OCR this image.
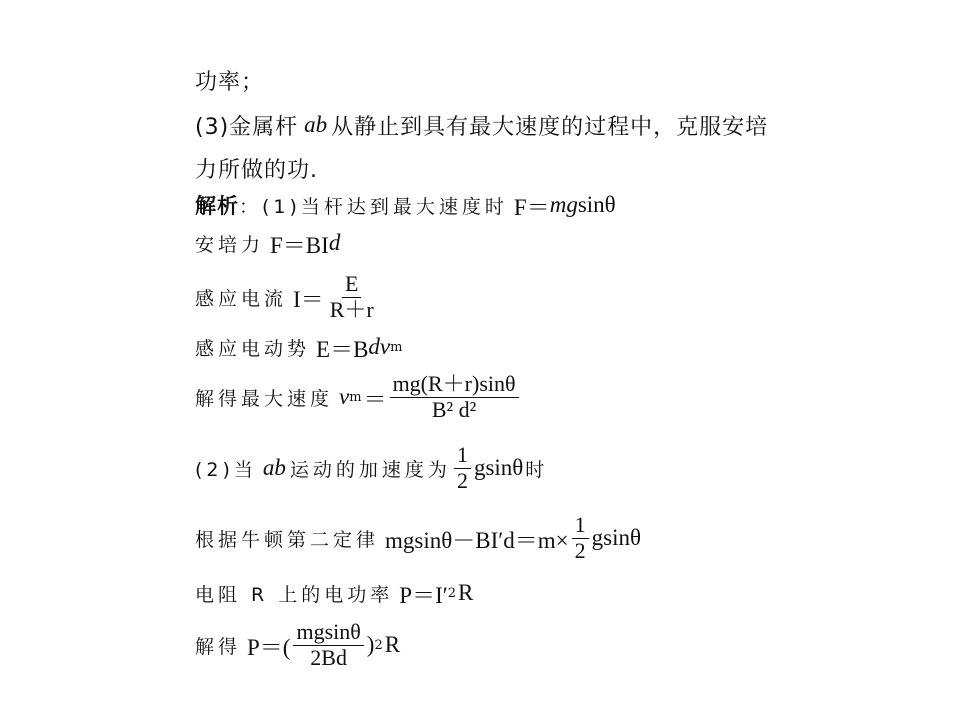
功率；
(3)金属杆 ab 从静止到具有最大速度的过程中，克服安培
力所做的功.
解析 ：(1)当杆达到最大速度时 F＝ mg sinθ
安培力 F＝BI d
感应电流 $I= \frac{E}{R+r}$
感应电动势 E＝B dv m
解得最大速度 v $m = \frac{mg(R+r)\sin\theta}{\text{B² d²}}$
(2)当 ab 运动的加速度为 $\frac{1}{2}$ gsinθ 时
根据牛顿第二定律 $mgsin\theta-BI'd=m\times \frac{1}{2}$ gsinθ
电阻 R 上的电功率 P＝I′ 2 R
解得 $P=( \frac{mgsin\theta}{2Bd}$ ) 2 R
